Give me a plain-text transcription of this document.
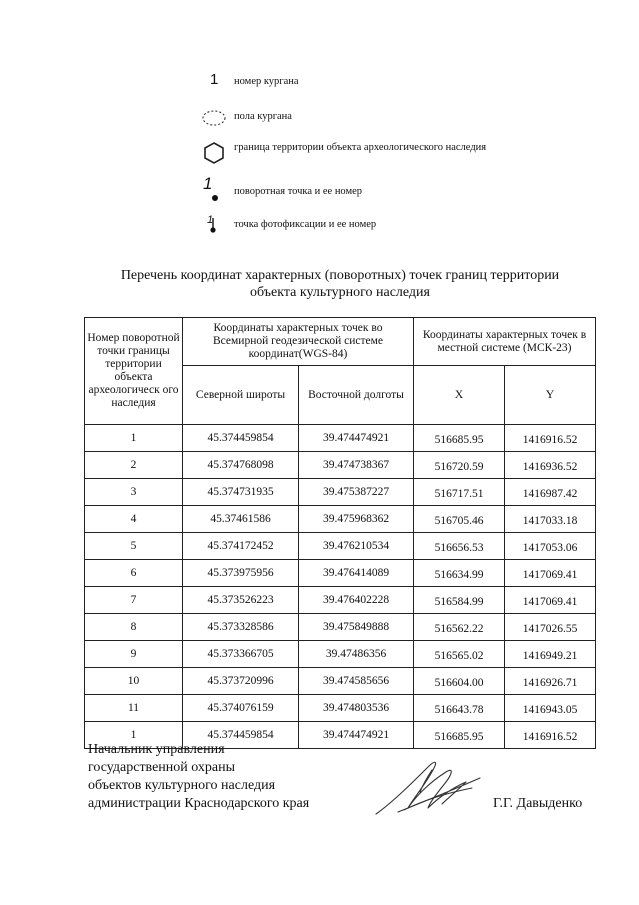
1 номер кургана
пола кургана
граница территории объекта археологического наследия
1 поворотная точка и ее номер
1 точка фотофиксации и ее номер
Перечень координат характерных (поворотных) точек границ территории
объекта культурного наследия
Номер поворотной точки границы территории объекта археологическ ого наследия	Координаты характерных точек во Всемирной геодезической системе координат(WGS-84)		Координаты характерных точек в местной системе (МСК-23)	
	Северной широты	Восточной долготы	X	Y
1	45.374459854	39.474474921	516685.95	1416916.52
2	45.374768098	39.474738367	516720.59	1416936.52
3	45.374731935	39.475387227	516717.51	1416987.42
4	45.37461586	39.475968362	516705.46	1417033.18
5	45.374172452	39.476210534	516656.53	1417053.06
6	45.373975956	39.476414089	516634.99	1417069.41
7	45.373526223	39.476402228	516584.99	1417069.41
8	45.373328586	39.475849888	516562.22	1417026.55
9	45.373366705	39.47486356	516565.02	1416949.21
10	45.373720996	39.474585656	516604.00	1416926.71
11	45.374076159	39.474803536	516643.78	1416943.05
1	45.374459854	39.474474921	516685.95	1416916.52
Начальник управления
государственной охраны
объектов культурного наследия
администрации Краснодарского края	Г.Г. Давыденко
